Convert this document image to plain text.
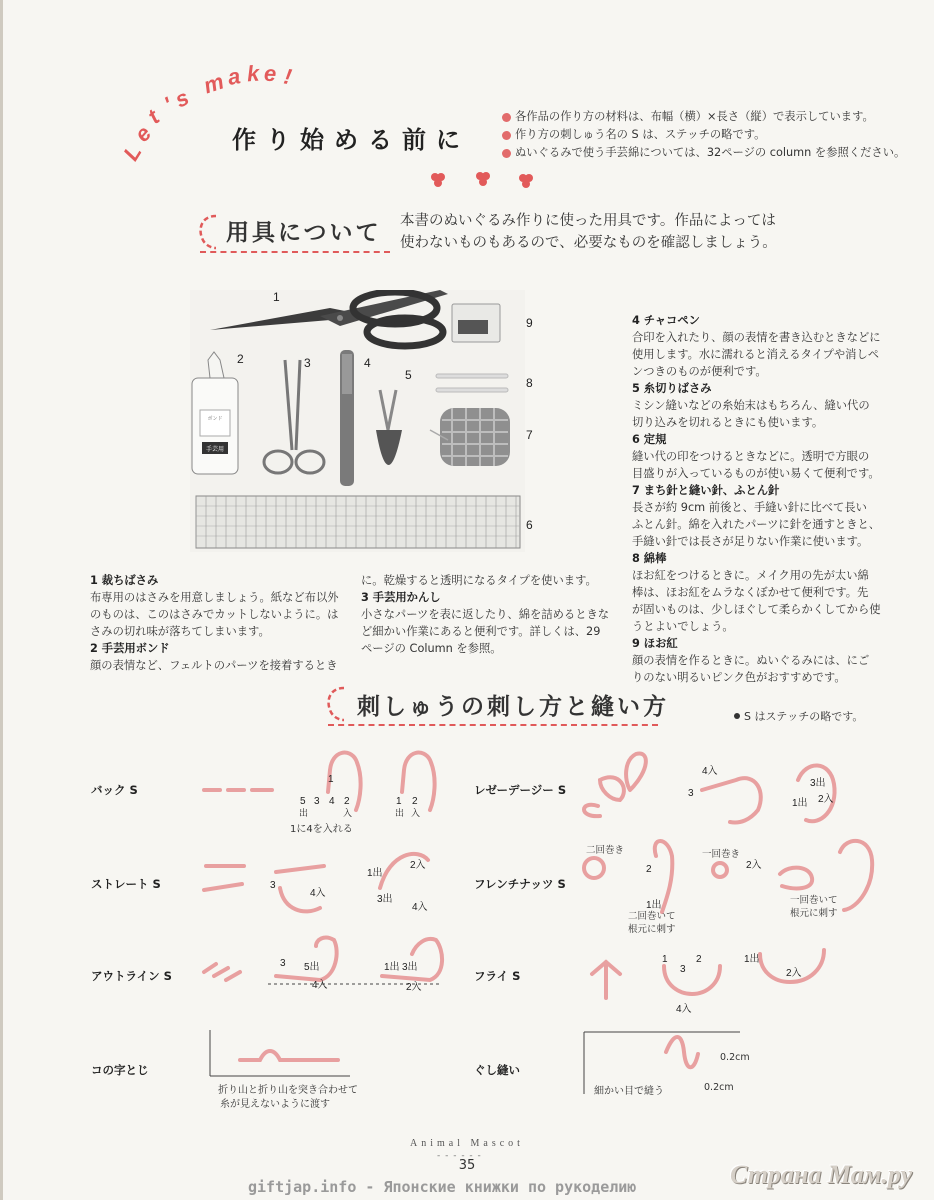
L
e
t
'
s
m a k e !
作り始める前に
各作品の作り方の材料は、布幅（横）×長さ（縦）で表示しています。
作り方の刺しゅう名の S は、ステッチの略です。
ぬいぐるみで使う手芸綿については、32ページの column を参照ください。
用具について 本書のぬいぐるみ作りに使った用具です。作品によっては
使わないものもあるので、必要なものを確認しましょう。
ボンド
手芸用
1
2	3	4
5
6
7
8
9
1 裁ちばさみ
布専用のはさみを用意しましょう。紙など布以外
のものは、このはさみでカットしないように。は
さみの切れ味が落ちてしまいます。
2 手芸用ボンド
顔の表情など、フェルトのパーツを接着するとき
に。乾燥すると透明になるタイプを使います。
3 手芸用かんし
小さなパーツを表に返したり、綿を詰めるときな
ど細かい作業にあると便利です。詳しくは、29
ページの Column を参照。
4 チャコペン
合印を入れたり、顔の表情を書き込むときなどに
使用します。水に濡れると消えるタイプや消しペ
ンつきのものが便利です。
5 糸切りばさみ
ミシン縫いなどの糸始末はもちろん、縫い代の
切り込みを切れるときにも使います。
6 定規
縫い代の印をつけるときなどに。透明で方眼の
目盛りが入っているものが使い易くて便利です。
7 まち針と縫い針、ふとん針
長さが約 9cm 前後と、手縫い針に比べて長い
ふとん針。綿を入れたパーツに針を通すときと、
手縫い針では長さが足りない作業に使います。
8 綿棒
ほお紅をつけるときに。メイク用の先が太い綿
棒は、ほお紅をムラなくぼかせて便利です。先
が固いものは、少しほぐして柔らかくしてから使
うとよいでしょう。
9 ほお紅
顔の表情を作るときに。ぬいぐるみには、にご
りのない明るいピンク色がおすすめです。
刺しゅうの刺し方と縫い方	S はステッチの略です。
バック S
ストレート S
アウトライン S
コの字とじ
レゼーデージー S
フレンチナッツ S
フライ S
ぐし縫い
1
5 3 4 2
出	入
1 2
出 入
1に4を入れる
3
4入
1出
2入
3出
4入
3 5出
4入
1出 3出
2入
折り山と折り山を突き合わせて
糸が見えないように渡す
4入
3
3出
1出 2入
二回巻き
2
1出
二回巻いて
根元に刺す
一回巻き
2入
一回巻いて
根元に刺す
1
3
2
4入
1出
2入
細かい目で縫う
0.2cm
0.2cm
Animal Mascot
- - - - - -
35
giftjap.info - Японские книжки по рукоделию	Страна Мам.ру
